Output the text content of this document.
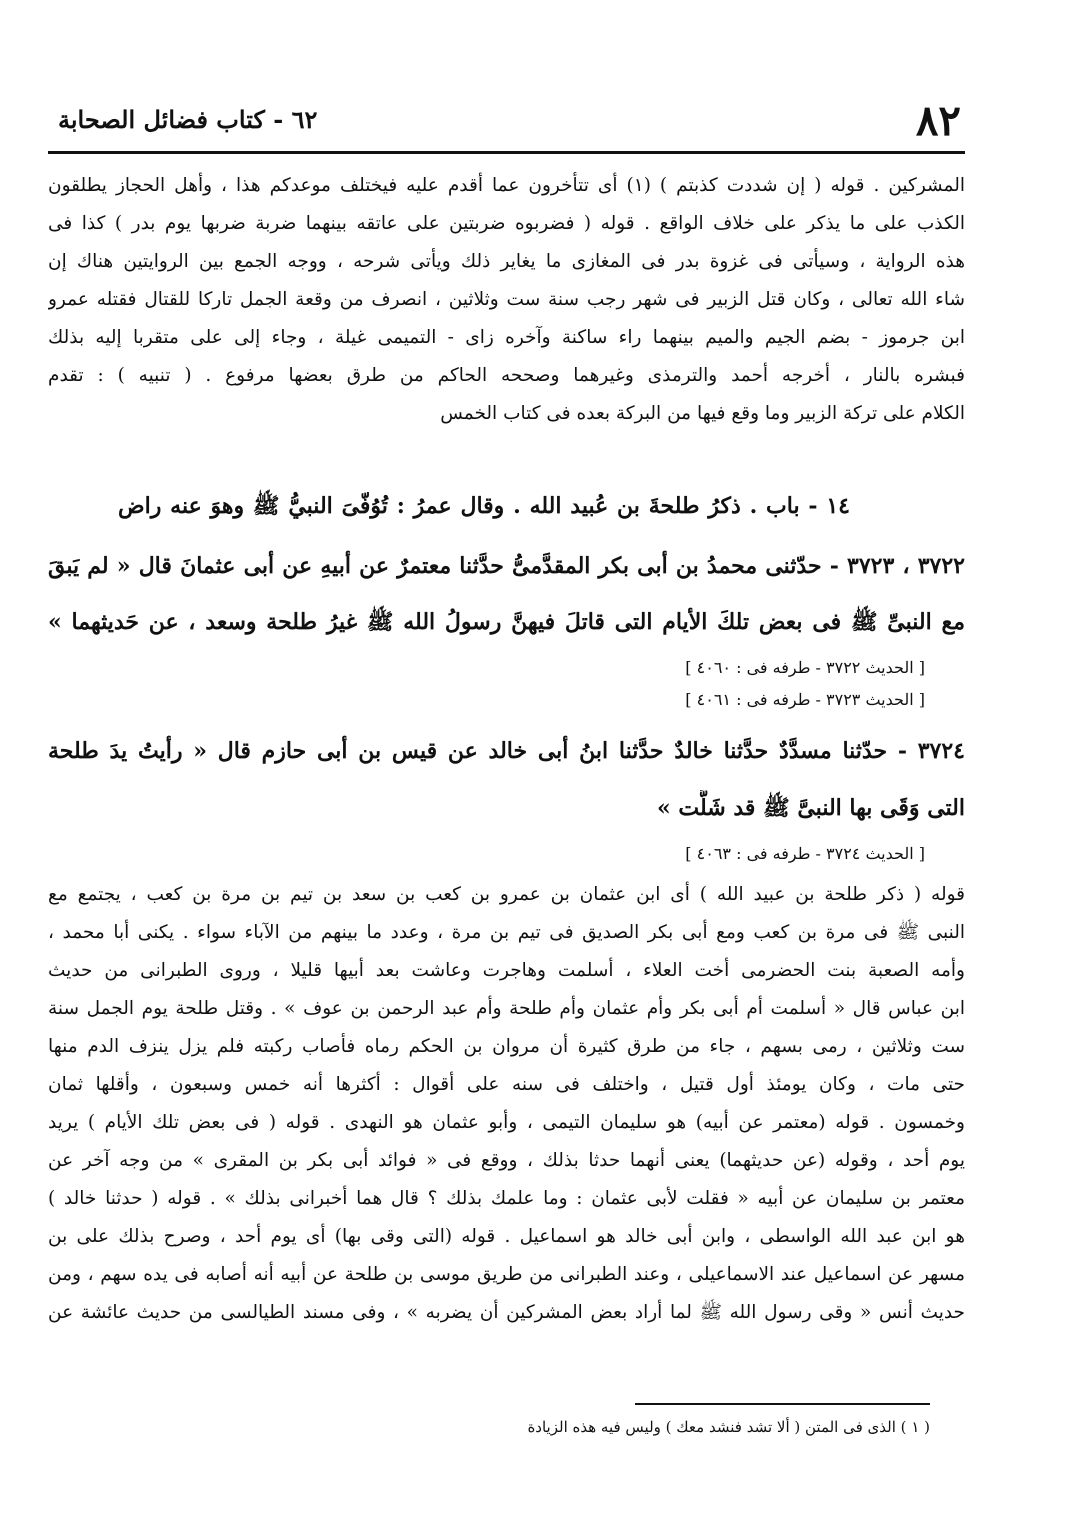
٨٢
٦٢ - كتاب فضائل الصحابة
المشركين . قوله ( إن شددت كذبتم ) (١) أى تتأخرون عما أقدم عليه فيختلف موعدكم هذا ، وأهل الحجاز يطلقون
الكذب على ما يذكر على خلاف الواقع . قوله ( فضربوه ضربتين على عاتقه بينهما ضربة ضربها يوم بدر ) كذا فى
هذه الرواية ، وسيأتى فى غزوة بدر فى المغازى ما يغاير ذلك ويأتى شرحه ، ووجه الجمع بين الروايتين هناك إن
شاء الله تعالى ، وكان قتل الزبير فى شهر رجب سنة ست وثلاثين ، انصرف من وقعة الجمل تاركا للقتال فقتله عمرو
ابن جرموز - بضم الجيم والميم بينهما راء ساكنة وآخره زاى - التميمى غيلة ، وجاء إلى على متقربا إليه بذلك
فبشره بالنار ، أخرجه أحمد والترمذى وغيرهما وصححه الحاكم من طرق بعضها مرفوع . ( تنبيه ) : تقدم
الكلام على تركة الزبير وما وقع فيها من البركة بعده فى كتاب الخمس
١٤ - باب . ذكرُ طلحةَ بن عُبيد الله . وقال عمرُ : تُوُفّىَ النبيُّ ﷺ وهوَ عنه راض
٣٧٢٢ ، ٣٧٢٣ - حدّثنى محمدُ بن أبى بكر المقدَّمىُّ حدَّثنا معتمرٌ عن أبيهِ عن أبى عثمانَ قال « لم يَبقَ
مع النبىِّ ﷺ فى بعض تلكَ الأيام التى قاتلَ فيهنَّ رسولُ الله ﷺ غيرُ طلحة وسعد ، عن حَديثهما »
[ الحديث ٣٧٢٢ - طرفه فى : ٤٠٦٠ ]
[ الحديث ٣٧٢٣ - طرفه فى : ٤٠٦١ ]
٣٧٢٤ - حدّثنا مسدَّدٌ حدَّثنا خالدٌ حدَّثنا ابنُ أبى خالد عن قيس بن أبى حازم قال « رأيتُ يدَ طلحة
التى وَقَى بها النبىَّ ﷺ قد شَلَّت »
[ الحديث ٣٧٢٤ - طرفه فى : ٤٠٦٣ ]
قوله ( ذكر طلحة بن عبيد الله ) أى ابن عثمان بن عمرو بن كعب بن سعد بن تيم بن مرة بن كعب ، يجتمع مع
النبى ﷺ فى مرة بن كعب ومع أبى بكر الصديق فى تيم بن مرة ، وعدد ما بينهم من الآباء سواء . يكنى أبا محمد ،
وأمه الصعبة بنت الحضرمى أخت العلاء ، أسلمت وهاجرت وعاشت بعد أبيها قليلا ، وروى الطبرانى من حديث
ابن عباس قال « أسلمت أم أبى بكر وأم عثمان وأم طلحة وأم عبد الرحمن بن عوف » . وقتل طلحة يوم الجمل سنة
ست وثلاثين ، رمى بسهم ، جاء من طرق كثيرة أن مروان بن الحكم رماه فأصاب ركبته فلم يزل ينزف الدم منها
حتى مات ، وكان يومئذ أول قتيل ، واختلف فى سنه على أقوال : أكثرها أنه خمس وسبعون ، وأقلها ثمان
وخمسون . قوله (معتمر عن أبيه) هو سليمان التيمى ، وأبو عثمان هو النهدى . قوله ( فى بعض تلك الأيام ) يريد
يوم أحد ، وقوله (عن حديثهما) يعنى أنهما حدثا بذلك ، ووقع فى « فوائد أبى بكر بن المقرى » من وجه آخر عن
معتمر بن سليمان عن أبيه « فقلت لأبى عثمان : وما علمك بذلك ؟ قال هما أخبرانى بذلك » . قوله ( حدثنا خالد )
هو ابن عبد الله الواسطى ، وابن أبى خالد هو اسماعيل . قوله (التى وقى بها) أى يوم أحد ، وصرح بذلك على بن
مسهر عن اسماعيل عند الاسماعيلى ، وعند الطبرانى من طريق موسى بن طلحة عن أبيه أنه أصابه فى يده سهم ، ومن
حديث أنس « وقى رسول الله ﷺ لما أراد بعض المشركين أن يضربه » ، وفى مسند الطيالسى من حديث عائشة عن
( ١ ) الذى فى المتن ( ألا تشد فنشد معك ) وليس فيه هذه الزيادة
